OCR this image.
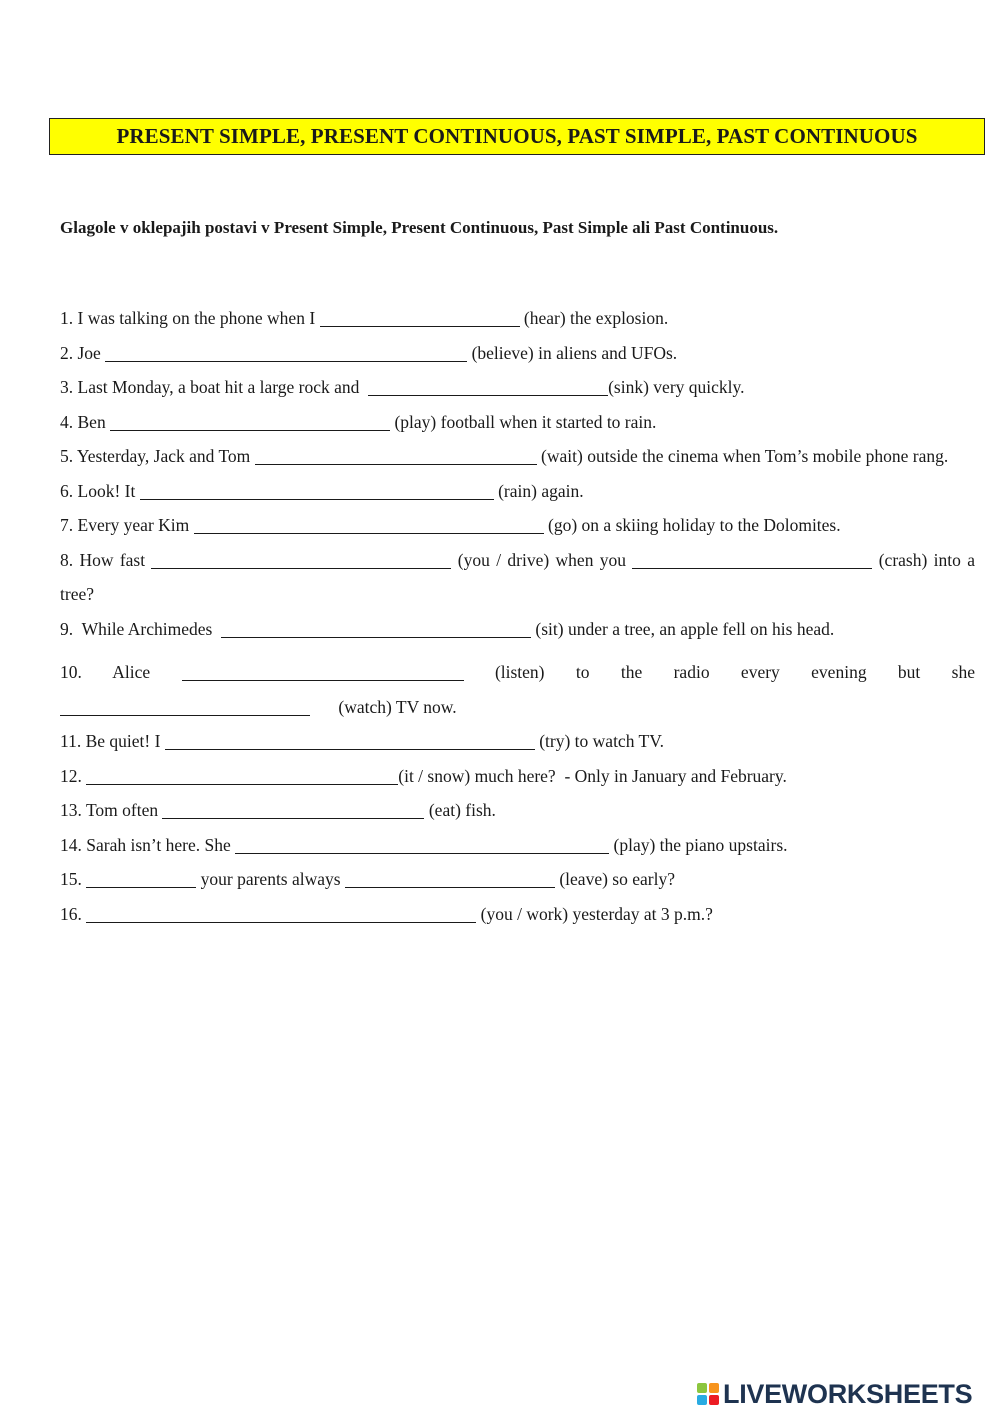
PRESENT SIMPLE, PRESENT CONTINUOUS, PAST SIMPLE, PAST CONTINUOUS
Glagole v oklepajih postavi v Present Simple, Present Continuous, Past Simple ali Past Continuous.

1. I was talking on the phone when I	(hear) the explosion.

2. Joe	(believe) in aliens and UFOs.

3. Last Monday, a boat hit a large rock and	(sink) very quickly.

4. Ben	(play) football when it started to rain.

5. Yesterday, Jack and Tom	(wait) outside the cinema when Tom’s mobile phone rang.

6. Look! It	(rain) again.

7. Every year Kim	(go) on a skiing holiday to the Dolomites.

8. How fast	(you / drive) when you	(crash) into a tree?

9. While Archimedes	(sit) under a tree, an apple fell on his head.

10. Alice	(listen) to the radio every evening but she  (watch) TV now.

11. Be quiet! I	(try) to watch TV.

12.	(it / snow) much here? - Only in January and February.

13. Tom often	(eat) fish.

14. Sarah isn’t here. She	(play) the piano upstairs.

15.	your parents always	(leave) so early?

16.	(you / work) yesterday at 3 p.m.?

LIVEWORKSHEETS
